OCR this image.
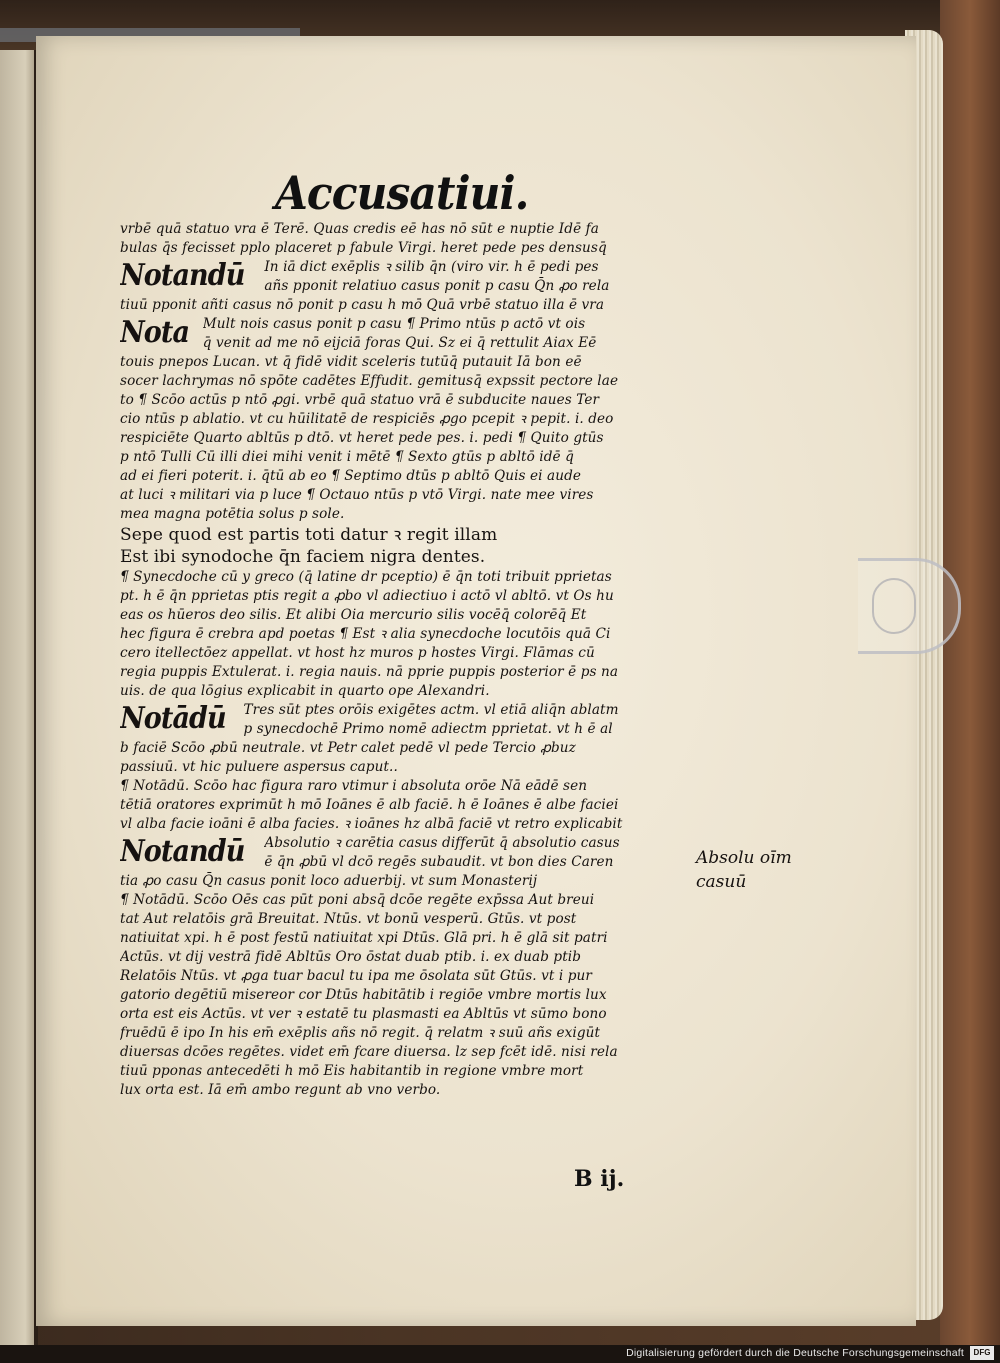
Accusatiui.
vrbē quā statuo vra ē Terē. Quas credis eē has nō sūt e nuptie Idē fa
bulas q̄s fecisset pplo placeret p fabule Virgi. heret pede pes densusq̄
Notandū In iā dict exēplis ꝛ silib q̄n (viro vir. h ē pedi pes
añs pponit relatiuo casus ponit p casu Q̄n ꝓo rela
tiuū pponit añti casus nō ponit p casu h mō Quā vrbē statuo illa ē vra
Nota Mult nois casus ponit p casu ¶ Primo ntūs p actō vt ois
q̄ venit ad me nō eijciā foras Qui. Sz ei q̄ rettulit Aiax Eē
touis pnepos Lucan. vt q̄ fidē vidit sceleris tutūq̄ putauit Iā bon eē
socer lachrymas nō spōte cadētes Effudit. gemitusq̄ expssit pectore lae
to ¶ Scōo actūs p ntō ꝓgi. vrbē quā statuo vrā ē subducite naues Ter
cio ntūs p ablatio. vt cu hūilitatē de respiciēs ꝓgo pcepit ꝛ pepit. i. deo
respiciēte Quarto abltūs p dtō. vt heret pede pes. i. pedi ¶ Quito gtūs
p ntō Tulli Cū illi diei mihi venit i mētē ¶ Sexto gtūs p abltō idē q̄
ad ei fieri poterit. i. q̄tū ab eo ¶ Septimo dtūs p abltō Quis ei aude
at luci ꝛ militari via p luce ¶ Octauo ntūs p vtō Virgi. nate mee vires
mea magna potētia solus p sole.
Sepe quod est partis toti datur ꝛ regit illam
Est ibi synodoche q̄n faciem nigra dentes.
¶ Synecdoche cū y greco (q̄ latine dr pceptio) ē q̄n toti tribuit pprietas
pt. h ē q̄n pprietas ptis regit a ꝓbo vl adiectiuo i actō vl abltō. vt Os hu
eas os hūeros deo silis. Et alibi Oia mercurio silis vocēq̄ colorēq̄ Et
hec figura ē crebra apd poetas ¶ Est ꝛ alia synecdoche locutōis quā Ci
cero itellectōez appellat. vt host hz muros p hostes Virgi. Flāmas cū
regia puppis Extulerat. i. regia nauis. nā pprie puppis posterior ē ps na
uis. de qua lōgius explicabit in quarto ope Alexandri.
Notādū Tres sūt ptes orōis exigētes actm. vl etiā aliq̄n ablatm
p synecdochē Primo nomē adiectm pprietat. vt h ē al
b faciē Scōo ꝓbū neutrale. vt Petr calet pedē vl pede Tercio ꝓbuz
passiuū. vt hic puluere aspersus caput..
¶ Notādū. Scōo hac figura raro vtimur i absoluta orōe Nā eādē sen
tētiā oratores exprimūt h mō Ioānes ē alb faciē. h ē Ioānes ē albe faciei
vl alba facie ioāni ē alba facies. ꝛ ioānes hz albā faciē vt retro explicabit
Notandū Absolutio ꝛ carētia casus differūt q̄ absolutio casus
ē q̄n ꝓbū vl dcō regēs subaudit. vt bon dies Caren
tia ꝓo casu Q̄n casus ponit loco aduerbij. vt sum Monasterij
¶ Notādū. Scōo Oēs cas pūt poni absq̄ dcōe regēte exp̄ssa Aut breui
tat Aut relatōis grā Breuitat. Ntūs. vt bonū vesperū. Gtūs. vt post
natiuitat xpi. h ē post festū natiuitat xpi Dtūs. Glā pri. h ē glā sit patri
Actūs. vt dij vestrā fidē Abltūs Oro ōstat duab ptib. i. ex duab ptib
Relatōis Ntūs. vt ꝓga tuar bacul tu ipa me ōsolata sūt Gtūs. vt i pur
gatorio degētiū misereor cor Dtūs habitātib i regiōe vmbre mortis lux
orta est eis Actūs. vt ver ꝛ estatē tu plasmasti ea Abltūs vt sūmo bono
fruēdū ē ipo In his em̄ exēplis añs nō regit. q̄ relatm ꝛ suū añs exigūt
diuersas dcōes regētes. videt em̄ fcare diuersa. lz sep fcēt idē. nisi rela
tiuū pponas antecedēti h mō Eis habitantib in regione vmbre mort
lux orta est. Iā em̄ ambo regunt ab vno verbo.
Absolu oīm
casuū
B ij.
Digitalisierung gefördert durch die Deutsche Forschungsgemeinschaft	DFG
